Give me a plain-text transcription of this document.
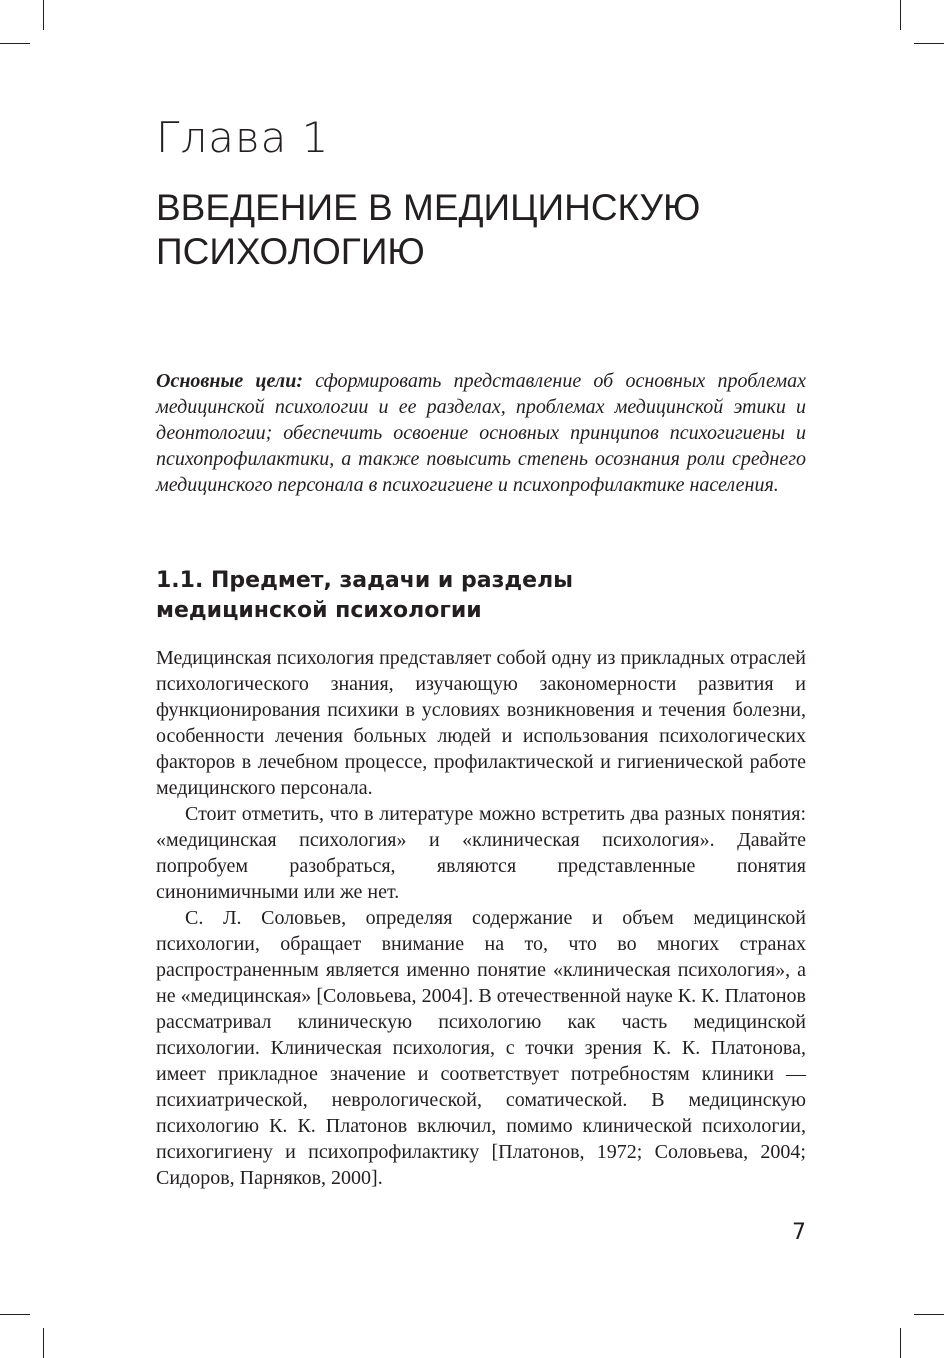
Глава 1
ВВЕДЕНИЕ В МЕДИЦИНСКУЮ
ПСИХОЛОГИЮ

Основные цели: сформировать представление об основных проблемах медицинской психологии и ее разделах, проблемах медицинской этики и деонтологии; обеспечить освоение основных принципов психогигиены и психопрофилактики, а также повысить степень осознания роли среднего медицинского персонала в психогигиене и психопрофилактике населения.

1.1. Предмет, задачи и разделы
медицинской психологии

Медицинская психология представляет собой одну из прикладных отраслей психологического знания, изучающую закономерности развития и функционирования психики в условиях возникновения и течения болезни, особенности лечения больных людей и использования психологических факторов в лечебном процессе, профилактической и гигиенической работе медицинского персонала.

Стоит отметить, что в литературе можно встретить два разных понятия: «медицинская психология» и «клиническая психология». Давайте попробуем разобраться, являются представленные понятия синонимичными или же нет.

С. Л. Соловьев, определяя содержание и объем медицинской психологии, обращает внимание на то, что во многих странах распространенным является именно понятие «клиническая психология», а не «медицинская» [Соловьева, 2004]. В отечественной науке К. К. Платонов рассматривал клиническую психологию как часть медицинской психологии. Клиническая психология, с точки зрения К. К. Платонова, имеет прикладное значение и соответствует потребностям клиники — психиатрической, неврологической, соматической. В медицинскую психологию К. К. Платонов включил, помимо клинической психологии, психогигиену и психопрофилактику [Платонов, 1972; Соловьева, 2004; Сидоров, Парняков, 2000].

7
